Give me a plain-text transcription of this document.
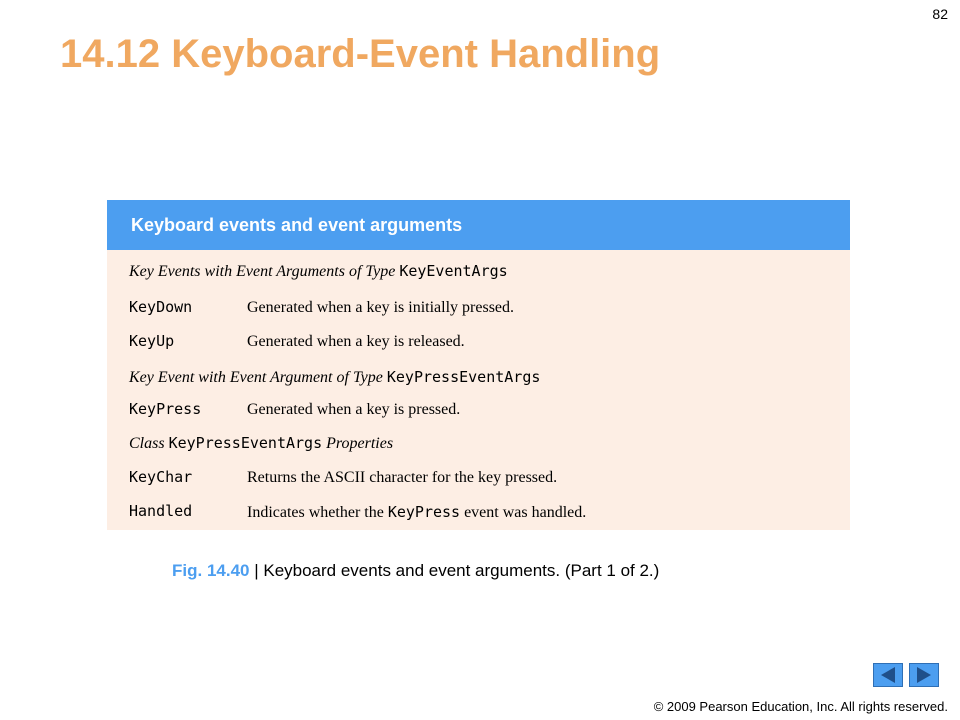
82
14.12 Keyboard-Event Handling
Keyboard events and event arguments
Key Events with Event Arguments of Type KeyEventArgs
KeyDown	Generated when a key is initially pressed.
KeyUp	Generated when a key is released.
Key Event with Event Argument of Type KeyPressEventArgs
KeyPress	Generated when a key is pressed.
Class KeyPressEventArgs Properties
KeyChar	Returns the ASCII character for the key pressed.
Handled	Indicates whether the KeyPress event was handled.
Fig. 14.40 | Keyboard events and event arguments. (Part 1 of 2.)
© 2009 Pearson Education, Inc. All rights reserved.
